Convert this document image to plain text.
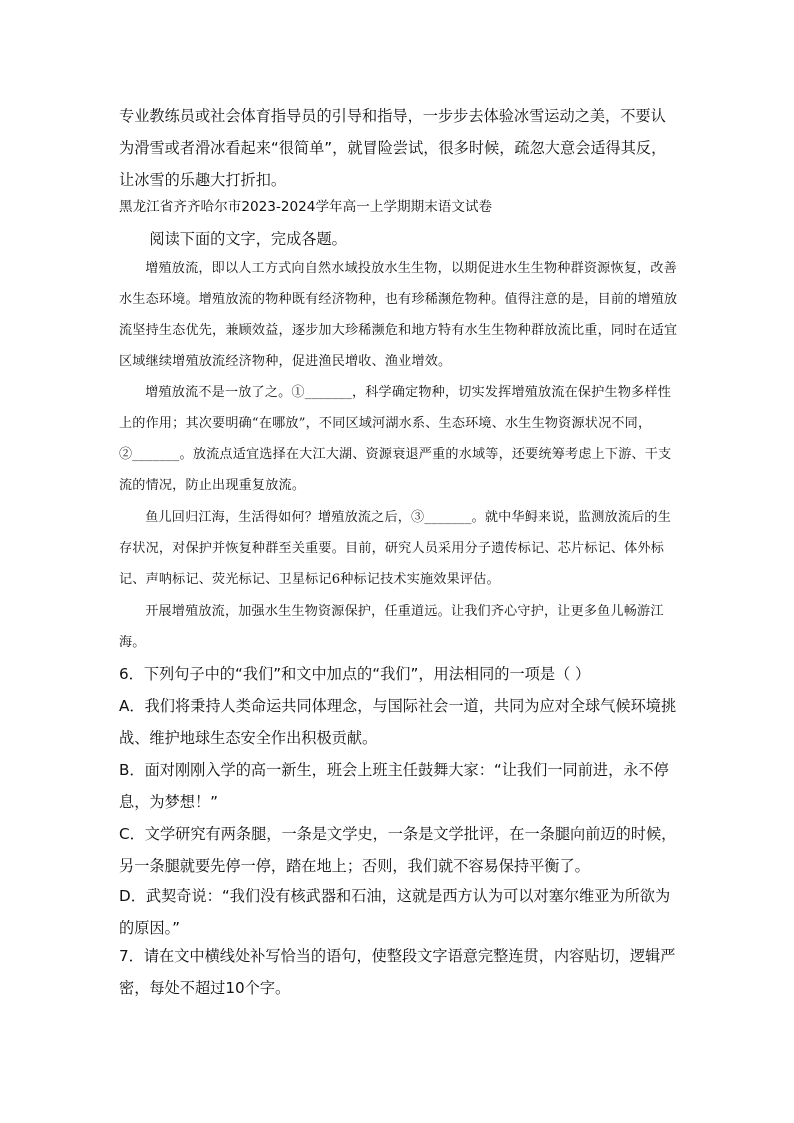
专业教练员或社会体育指导员的引导和指导，一步步去体验冰雪运动之美，不要认为滑雪或者滑冰看起来“很简单”，就冒险尝试，很多时候，疏忽大意会适得其反，让冰雪的乐趣大打折扣。

黑龙江省齐齐哈尔市2023-2024学年高一上学期期末语文试卷

阅读下面的文字，完成各题。

增殖放流，即以人工方式向自然水域投放水生生物，以期促进水生生物种群资源恢复，改善水生态环境。增殖放流的物种既有经济物种，也有珍稀濒危物种。值得注意的是，目前的增殖放流坚持生态优先，兼顾效益，逐步加大珍稀濒危和地方特有水生生物种群放流比重，同时在适宜区域继续增殖放流经济物种，促进渔民增收、渔业增效。

增殖放流不是一放了之。①_______，科学确定物种，切实发挥增殖放流在保护生物多样性上的作用；其次要明确“在哪放”，不同区域河湖水系、生态环境、水生生物资源状况不同，②_______。放流点适宜选择在大江大湖、资源衰退严重的水域等，还要统筹考虑上下游、干支流的情况，防止出现重复放流。

鱼儿回归江海，生活得如何？增殖放流之后，③_______。就中华鲟来说，监测放流后的生存状况，对保护并恢复种群至关重要。目前，研究人员采用分子遗传标记、芯片标记、体外标记、声呐标记、荧光标记、卫星标记6种标记技术实施效果评估。

开展增殖放流，加强水生生物资源保护，任重道远。让我们齐心守护，让更多鱼儿畅游江海。

6．下列句子中的“我们”和文中加点的“我们”，用法相同的一项是（ ）

A．我们将秉持人类命运共同体理念，与国际社会一道，共同为应对全球气候环境挑战、维护地球生态安全作出积极贡献。

B．面对刚刚入学的高一新生，班会上班主任鼓舞大家：“让我们一同前进，永不停息，为梦想！”

C．文学研究有两条腿，一条是文学史，一条是文学批评，在一条腿向前迈的时候，另一条腿就要先停一停，踏在地上；否则，我们就不容易保持平衡了。

D．武契奇说：“我们没有核武器和石油，这就是西方认为可以对塞尔维亚为所欲为的原因。”

7．请在文中横线处补写恰当的语句，使整段文字语意完整连贯，内容贴切，逻辑严密，每处不超过10个字。
